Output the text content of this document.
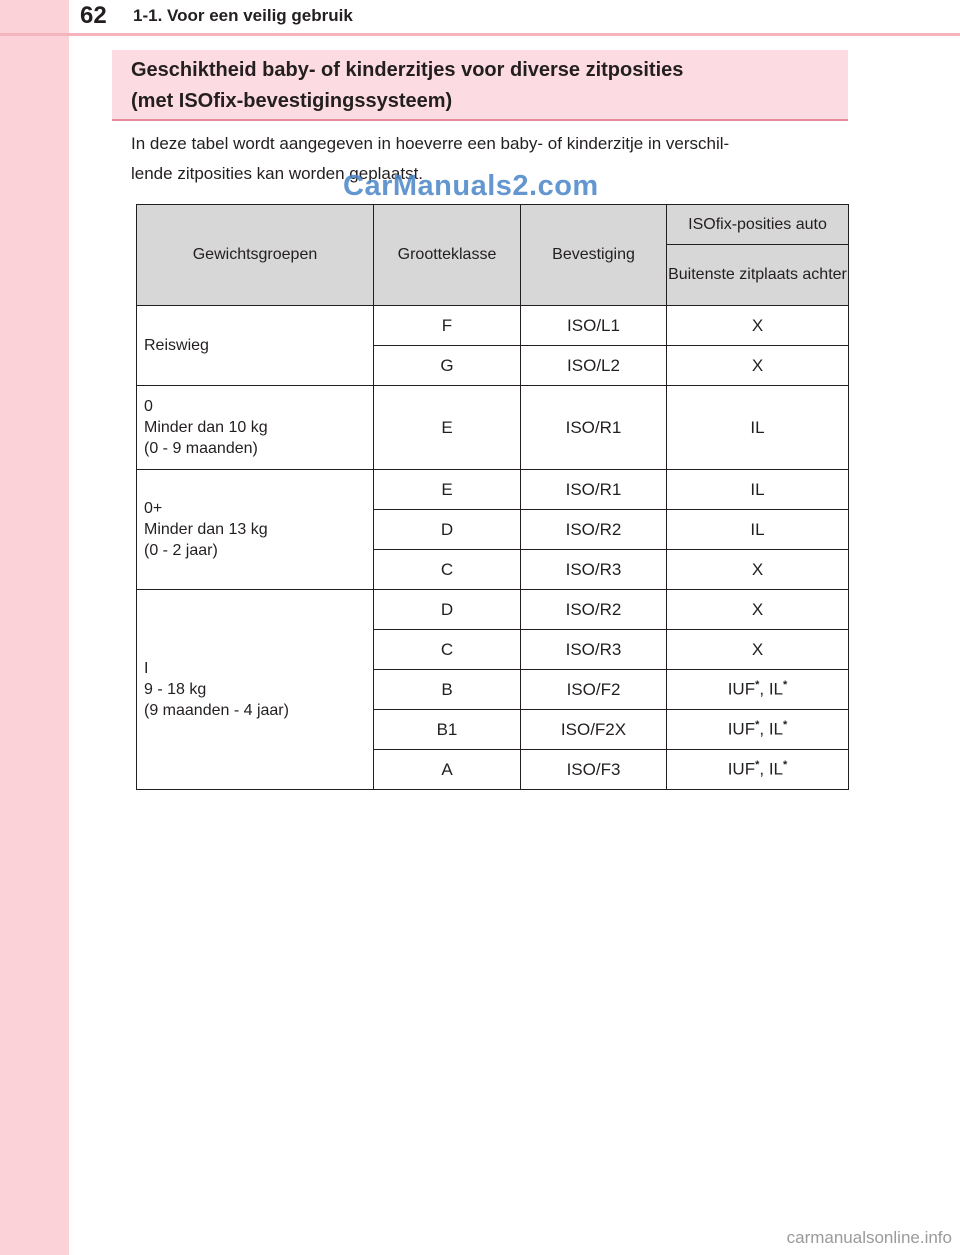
62 1-1. Voor een veilig gebruik
Geschiktheid baby- of kinderzitjes voor diverse zitposities
(met ISOfix-bevestigingssysteem)
In deze tabel wordt aangegeven in hoeverre een baby- of kinderzitje in verschil-
lende zitposities kan worden geplaatst.
CarManuals2.com
Gewichtsgroepen	Grootteklasse	Bevestiging	ISOfix-posities auto
			Buitenste zitplaats achter

Reiswieg	F	ISO/L1	X
	G	ISO/L2	X

0
Minder dan 10 kg
(0 - 9 maanden)	E	ISO/R1	IL

0+
Minder dan 13 kg
(0 - 2 jaar)	E	ISO/R1	IL
	D	ISO/R2	IL
	C	ISO/R3	X

I
9 - 18 kg
(9 maanden - 4 jaar)	D	ISO/R2	X
	C	ISO/R3	X
	B	ISO/F2	IUF*, IL*
	B1	ISO/F2X	IUF*, IL*
	A	ISO/F3	IUF*, IL*
carmanualsonline.info
